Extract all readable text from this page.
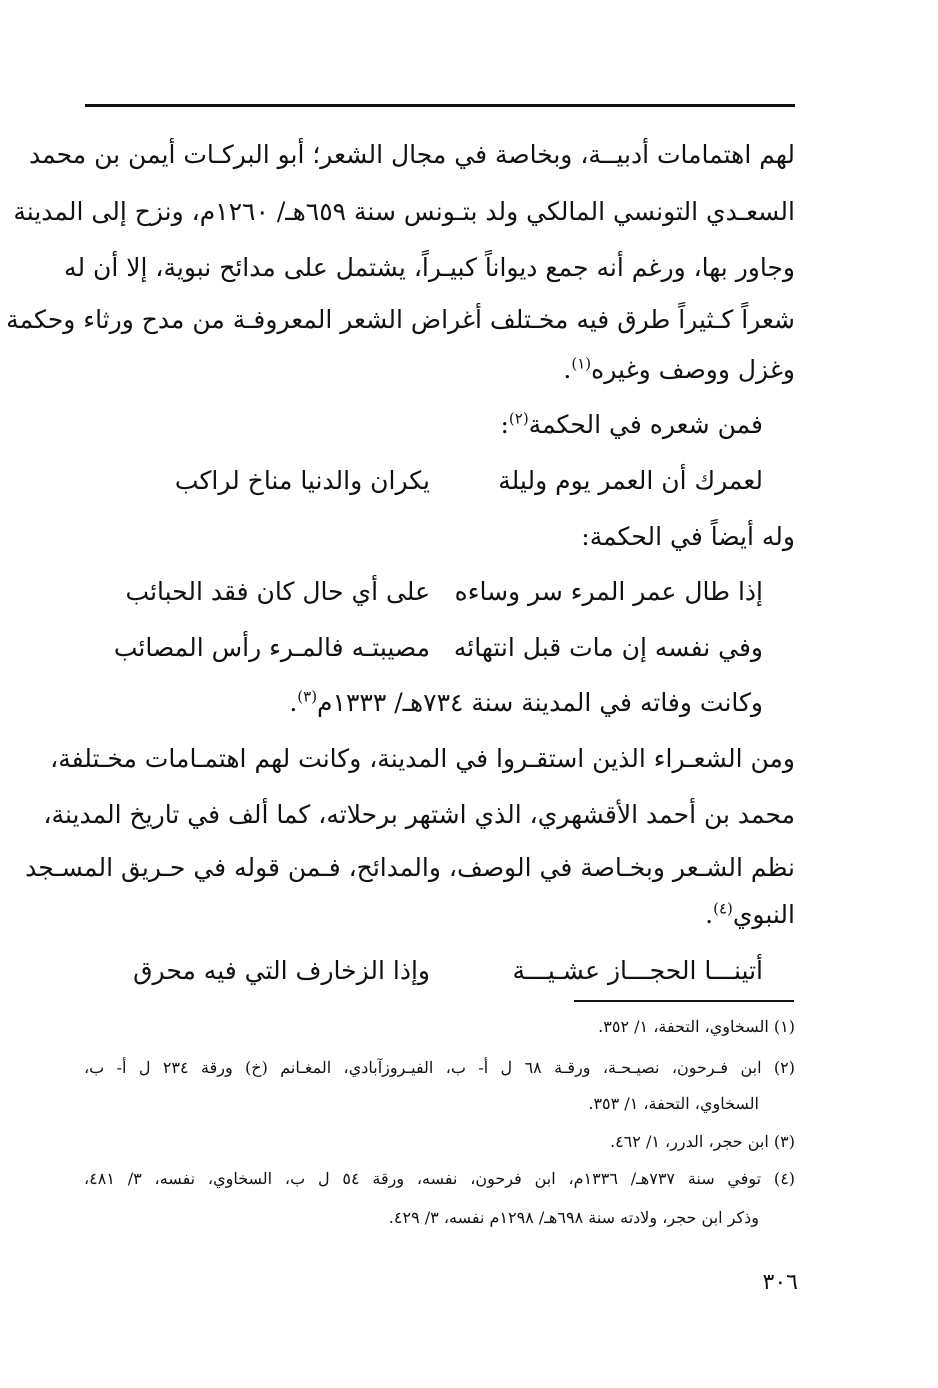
لهم اهتمامات أدبيــة، وبخاصة في مجال الشعر؛ أبو البركـات أيمن بن محمد
السعـدي التونسي المالكي ولد بتـونس سنة ٦٥٩هـ/ ١٢٦٠م، ونزح إلى المدينة
وجاور بها، ورغم أنه جمع ديواناً كبيـراً، يشتمل على مدائح نبوية، إلا أن له
شعراً كـثيراً طرق فيه مخـتلف أغراض الشعر المعروفـة من مدح ورثاء وحكمة
وغزل ووصف وغيره$^{(١)}$.
فمن شعره في الحكمة$^{(٢)}$:
لعمرك أن العمر يوم وليلة
يكران والدنيا مناخ لراكب
وله أيضاً في الحكمة:
إذا طال عمر المرء سر وساءه
على أي حال كان فقد الحبائب
وفي نفسه إن مات قبل انتهائه
مصيبتـه فالمـرء رأس المصائب
وكانت وفاته في المدينة سنة ٧٣٤هـ/ ١٣٣٣م$^{(٣)}$.
ومن الشعـراء الذين استقـروا في المدينة، وكانت لهم اهتمـامات مخـتلفة،
محمد بن أحمد الأقشهري، الذي اشتهر برحلاته، كما ألف في تاريخ المدينة،
نظم الشـعر وبخـاصة في الوصف، والمدائح، فـمن قوله في حـريق المسـجد
النبوي$^{(٤)}$.
أتينـــا الحجـــاز عشـيـــة
وإذا الزخارف التي فيه محرق
(١) السخاوي، التحفة، ١/ ٣٥٢.
(٢) ابن فـرحون، نصيـحـة، ورقـة ٦٨ ل أ- ب، الفيـروزآبادي، المغـانم (خ) ورقة ٢٣٤ ل أ- ب،
السخاوي، التحفة، ١/ ٣٥٣.
(٣) ابن حجر، الدرر، ١/ ٤٦٢.
(٤) توفي سنة ٧٣٧هـ/ ١٣٣٦م، ابن فرحون، نفسه، ورقة ٥٤ ل ب، السخاوي، نفسه، ٣/ ٤٨١،
وذكر ابن حجر، ولادته سنة ٦٩٨هـ/ ١٢٩٨م نفسه، ٣/ ٤٢٩.
٣٠٦
